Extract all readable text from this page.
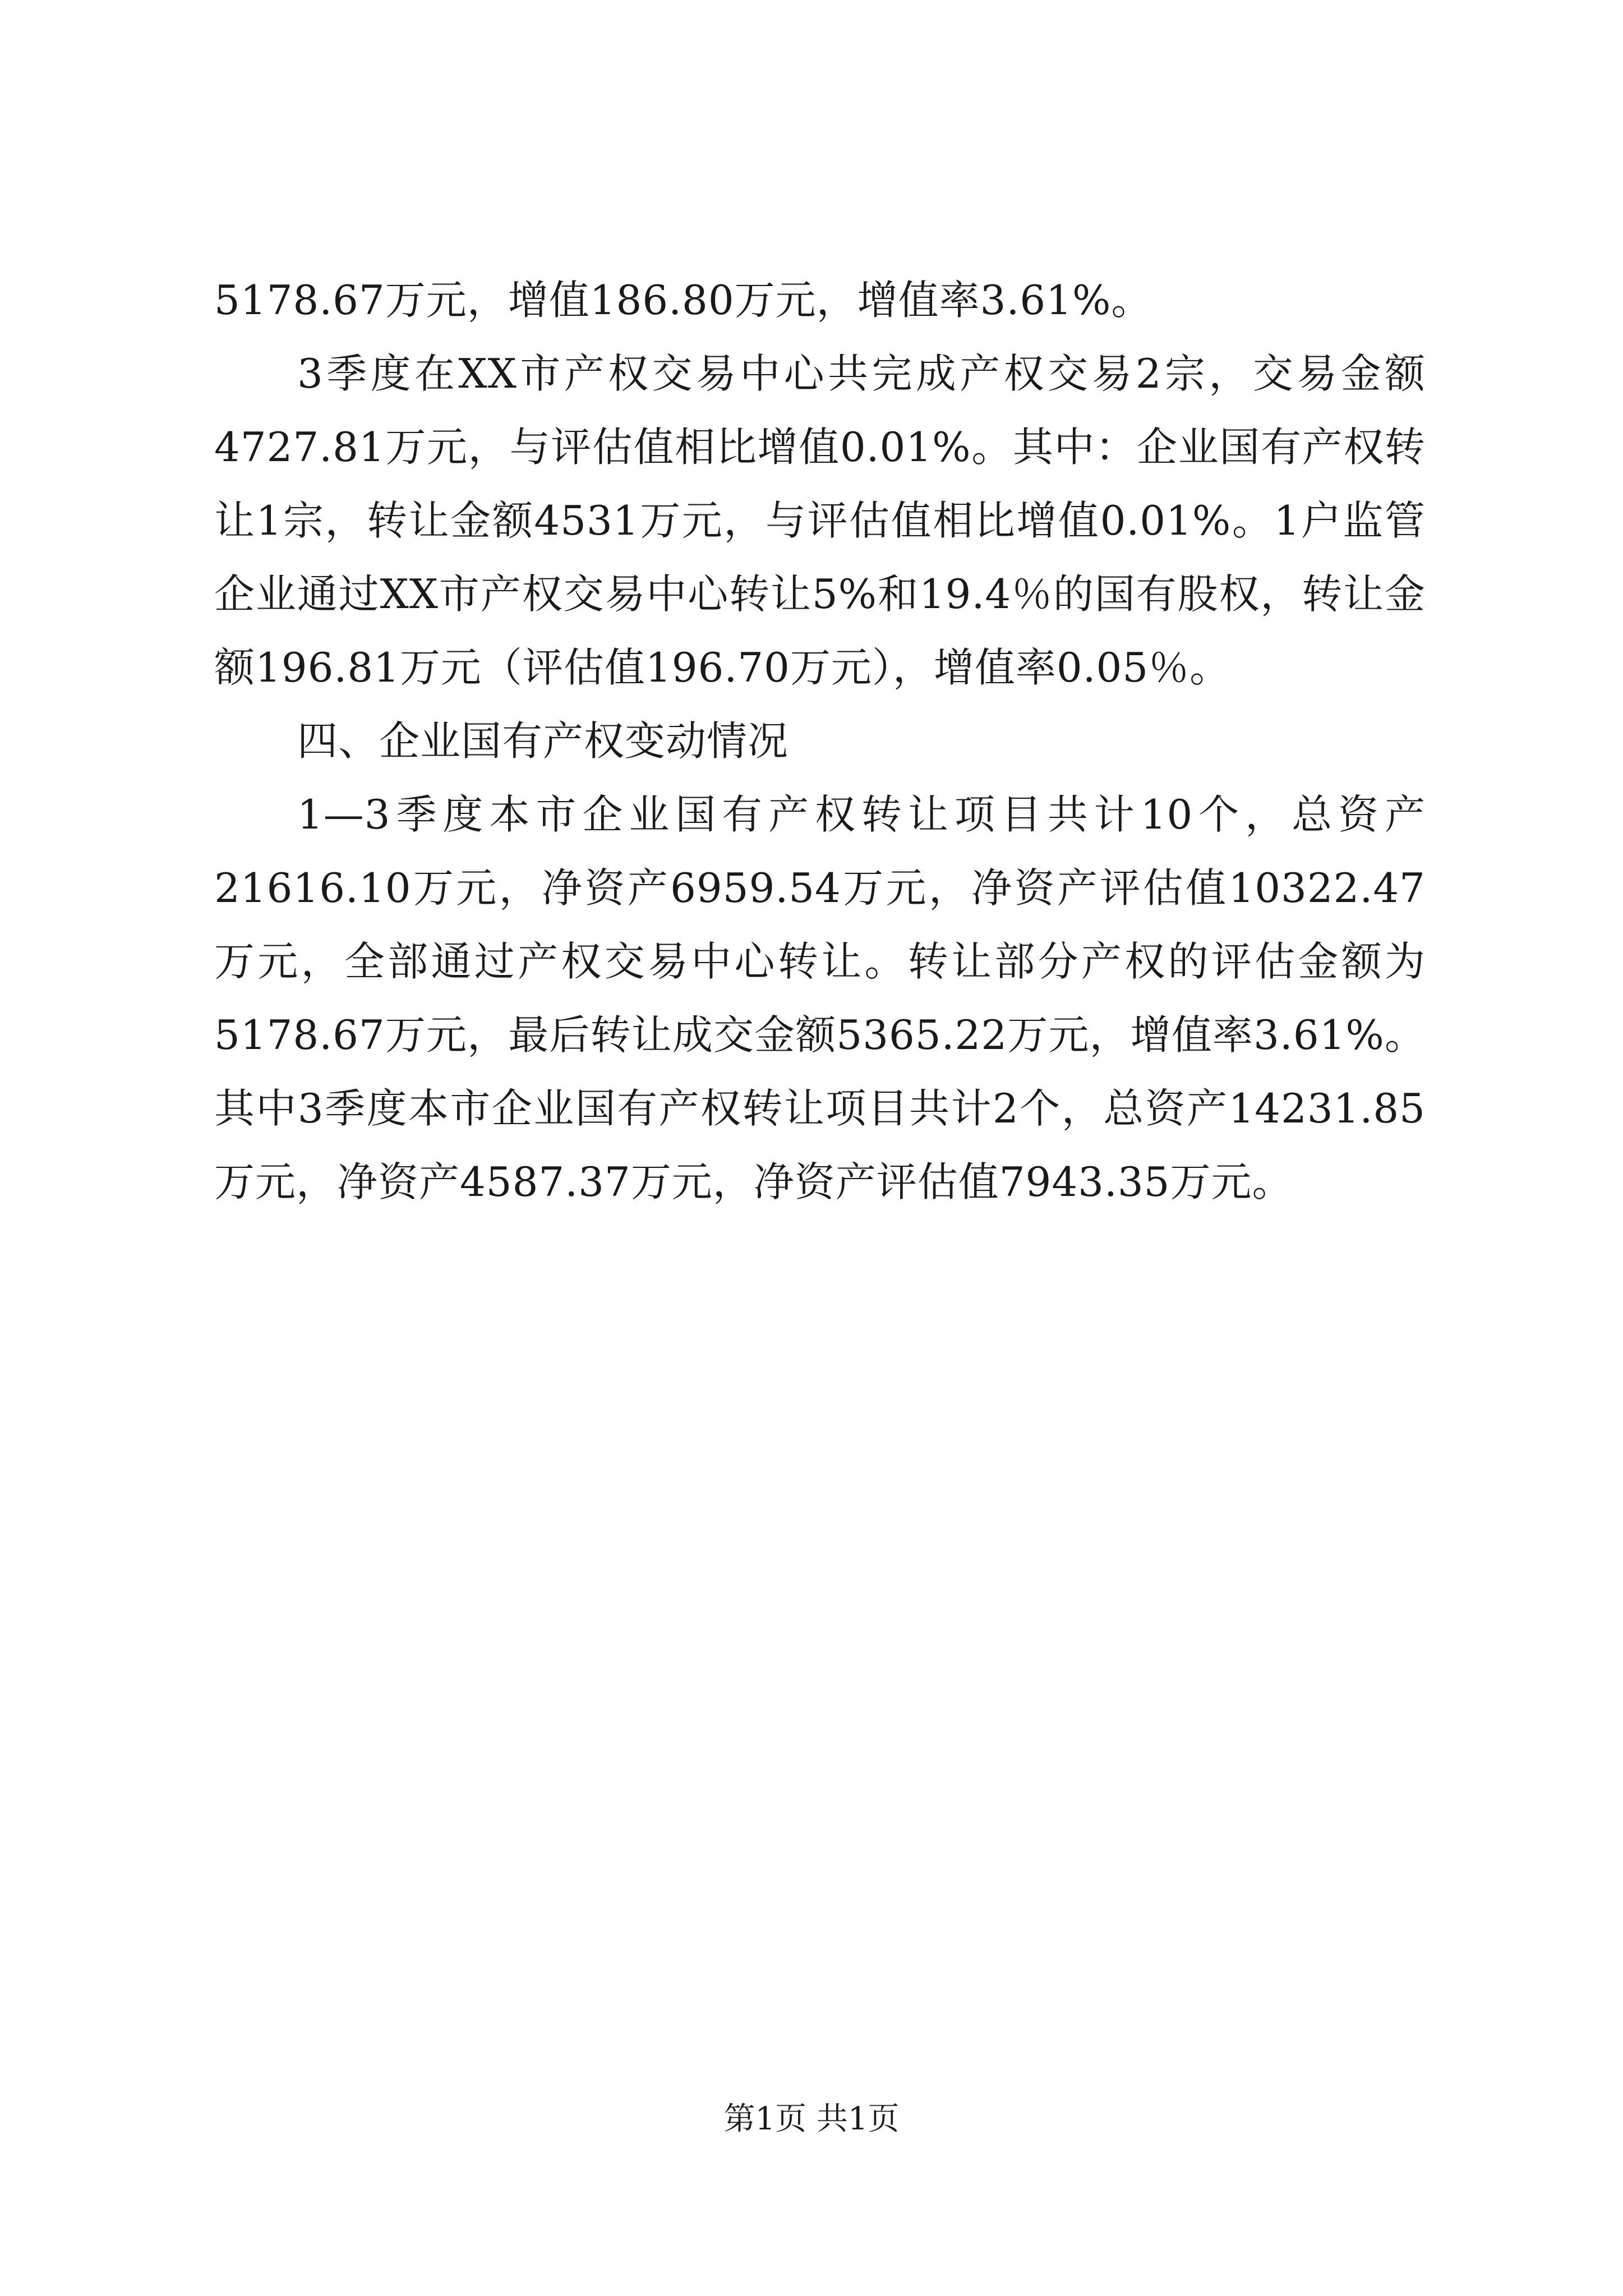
5178.67万元，增值186.80万元，增值率3.61%。

3季度在XX市产权交易中心共完成产权交易2宗，交易金额4727.81万元，与评估值相比增值0.01%。其中：企业国有产权转让1宗，转让金额4531万元，与评估值相比增值0.01%。1户监管企业通过XX市产权交易中心转让5%和19.4％的国有股权，转让金额196.81万元（评估值196.70万元），增值率0.05％。

四、企业国有产权变动情况

1—3季度本市企业国有产权转让项目共计10个，总资产21616.10万元，净资产6959.54万元，净资产评估值10322.47万元，全部通过产权交易中心转让。转让部分产权的评估金额为5178.67万元，最后转让成交金额5365.22万元，增值率3.61%。其中3季度本市企业国有产权转让项目共计2个，总资产14231.85万元，净资产4587.37万元，净资产评估值7943.35万元。

第1页 共1页
